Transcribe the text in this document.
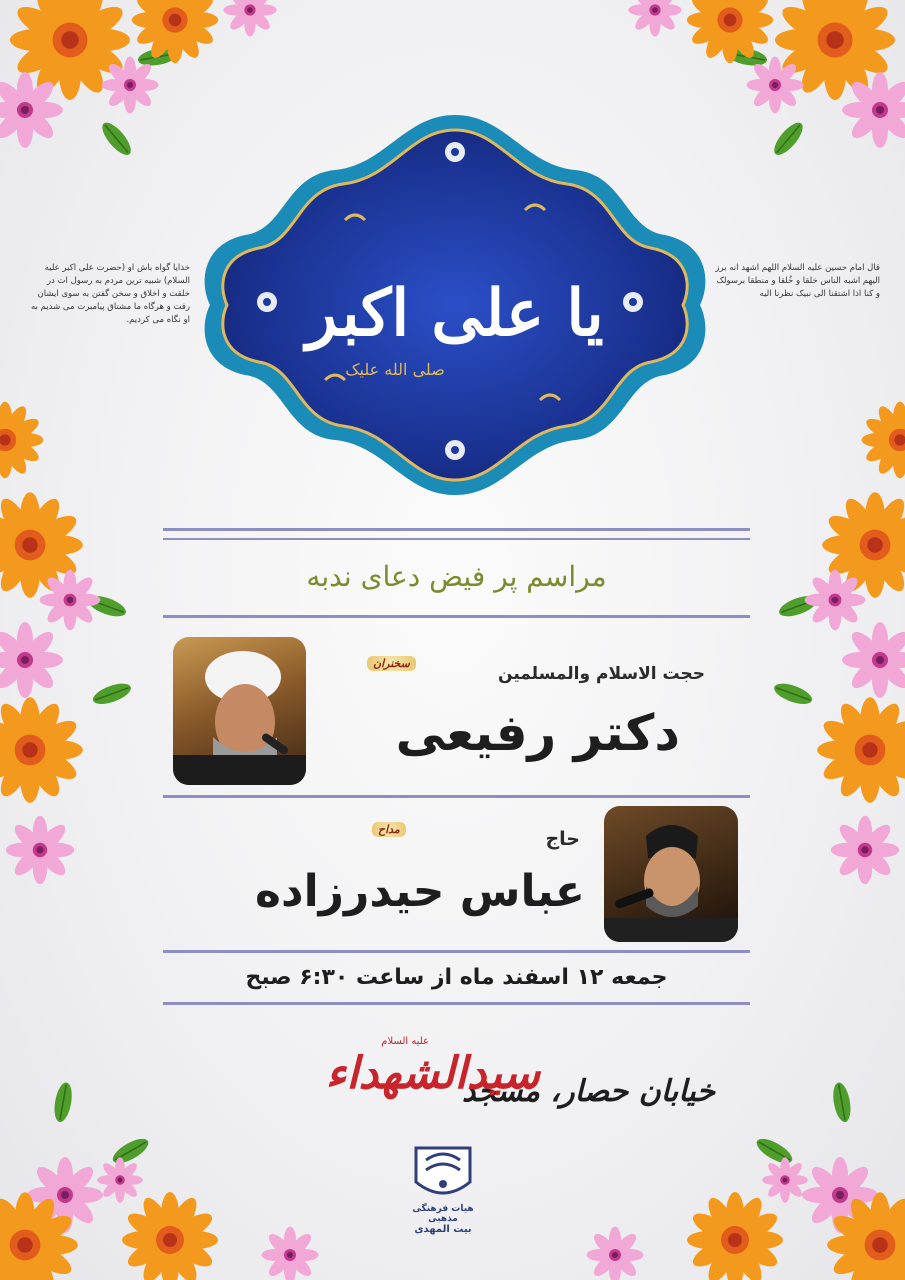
یا علی اکبر
صلی الله علیک
خدایا گواه باش او (حضرت علی اکبر علیه السلام) شبیه ترین مردم به رسول ات در خلقت و اخلاق و سخن گفتن به سوی ایشان رفت و هرگاه ما مشتاق پیامبرت می شدیم به او نگاه می کردیم.
قال امام حسین علیه السلام اللهم اشهد انه برز الیهم اشبه الناس خلقا و خُلقا و منطقا برسولک و کنا اذا اشتقنا الی نبیک نظرنا الیه
مراسم پر فیض دعای ندبه
سخنران
حجت الاسلام والمسلمین
دکتر رفیعی
مداح	حاج
عباس حیدرزاده
جمعه ۱۲ اسفند ماه از ساعت ۶:۳۰ صبح
علیه السلام
خیابان حصار، مسجد
سیدالشهداء
هیات فرهنگی مذهبی
بیت المهدی
